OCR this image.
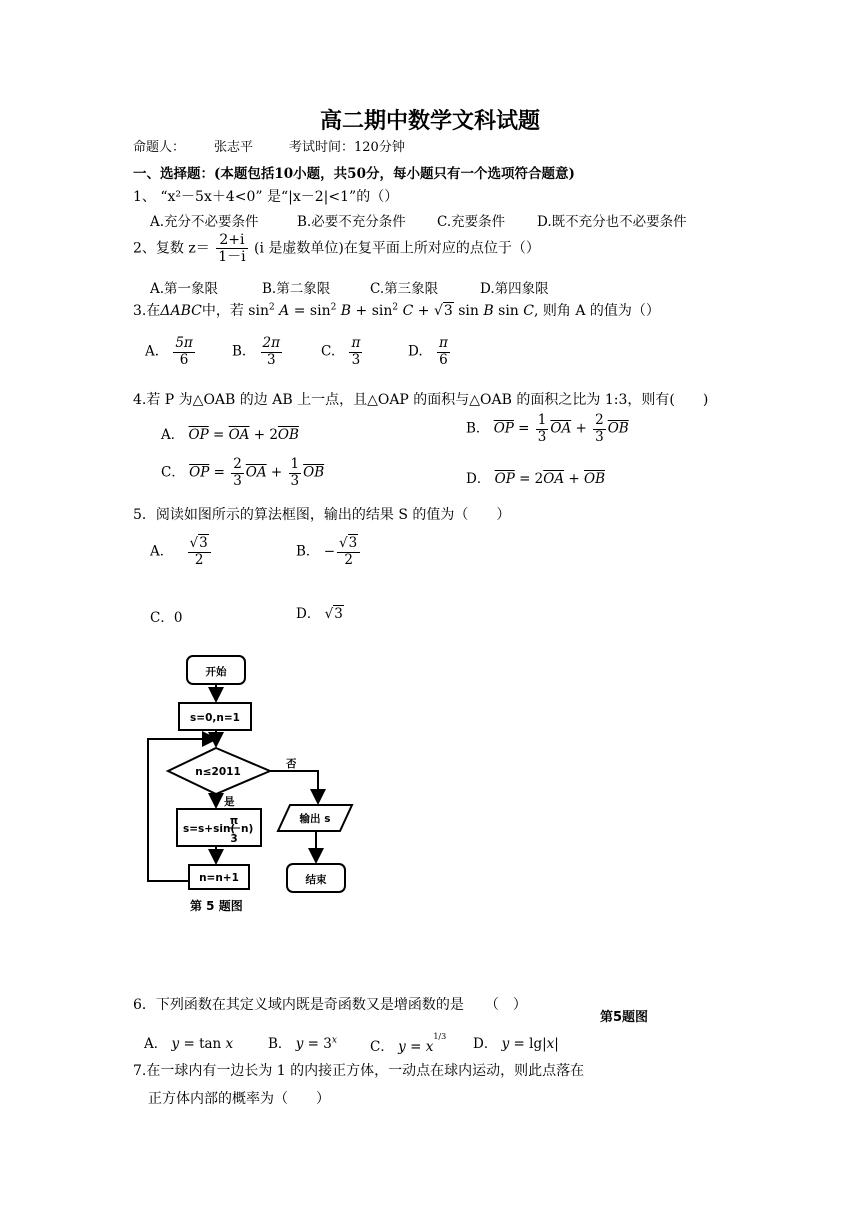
高二期中数学文科试题
命题人： 张志平	考试时间：120分钟
一、选择题：(本题包括10小题，共50分，每小题只有一个选项符合题意)
1、 “x²－5x＋4<0” 是“|x－2|<1”的（）
A.充分不必要条件	B.必要不充分条件 C.充要条件 D.既不充分也不必要条件
2、复数 $z= \frac{2+i}{1-i} (i$ 是虚数单位)在复平面上所对应的点位于（）
A.第一象限	B.第二象限	C.第三象限	D.第四象限
3.在ΔABC中，若 $\sin^2 A = \sin^2 B + \sin^2 C + √3$ sin B sin C, 则角 A 的值为（）
A. $\frac{5\pi}{6}$	B. $\frac{2\pi}{3}$	C. $\frac{\pi}{3}$	D. $\frac{\pi}{6}$
4.若 P 为△OAB 的边 AB 上一点，且△OAP 的面积与△OAB 的面积之比为 1:3，则有(　　)
A． $\overline{OP} = \overline{OA} + 2\overline{OB}$	B． $\overline{OP} = \frac{1}{3} \overline{OA} + \frac{2}{3} \overline{OB}$
C． $\overline{OP} = \frac{2}{3} \overline{OA} + \frac{1}{3} \overline{OB}$	D． $\overline{OP} = 2\overline{OA} + \overline{OB}$
5．阅读如图所示的算法框图，输出的结果 S 的值为（　　）
A． $\frac{√3}{2}$	B． − $\frac{√3}{2}$
C．0	D． √3
开始
s=0,n=1
n≤2011
否
是
s=s+sin(
π
3
n)
输出 s
n=n+1	结束
第 5 题图
6．下列函数在其定义域内既是奇函数又是增函数的是　　（　）
第5题图
A． y = tan x	B． $y = 3^x$ C． $y = x^{1/3}$ D． y = lg|x|
7.在一球内有一边长为 1 的内接正方体，一动点在球内运动，则此点落在
正方体内部的概率为（　　）
